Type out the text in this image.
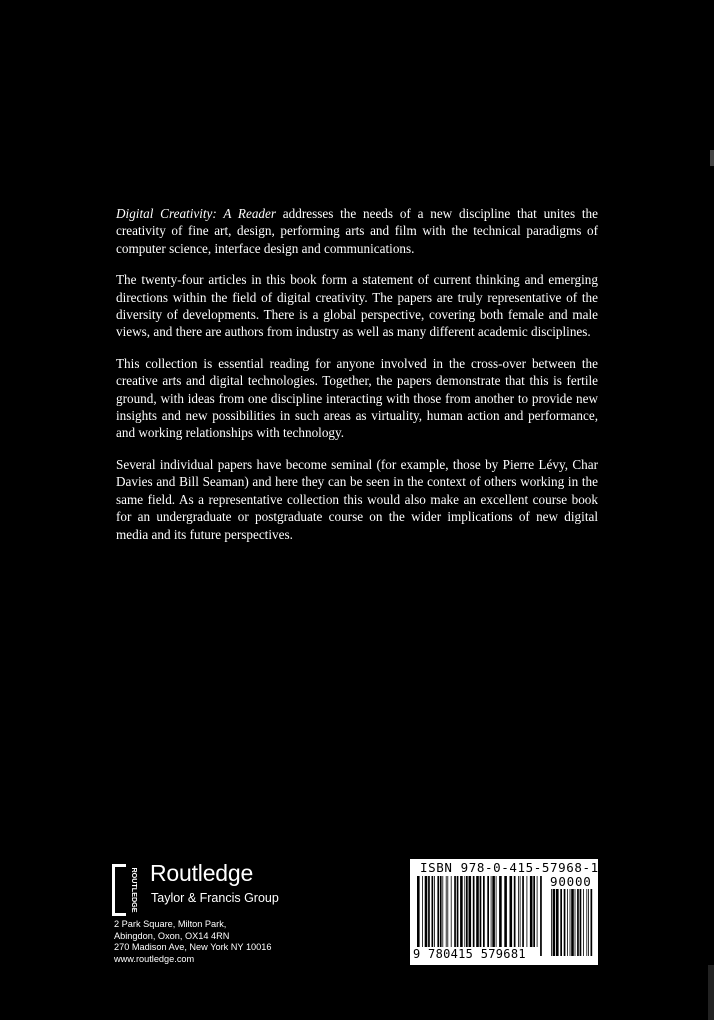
Digital Creativity: A Reader addresses the needs of a new discipline that unites the creativity of fine art, design, performing arts and film with the technical paradigms of computer science, interface design and communications.

The twenty-four articles in this book form a statement of current thinking and emerging directions within the field of digital creativity. The papers are truly representative of the diversity of developments. There is a global perspective, covering both female and male views, and there are authors from industry as well as many different academic disciplines.

This collection is essential reading for anyone involved in the cross-over between the creative arts and digital technologies. Together, the papers demonstrate that this is fertile ground, with ideas from one discipline interacting with those from another to provide new insights and new possibilities in such areas as virtuality, human action and performance, and working relationships with technology.

Several individual papers have become seminal (for example, those by Pierre Lévy, Char Davies and Bill Seaman) and here they can be seen in the context of others working in the same field. As a representative collection this would also make an excellent course book for an undergraduate or postgraduate course on the wider implications of new digital media and its future perspectives.

ROUTLEDGE Routledge
Taylor & Francis Group
2 Park Square, Milton Park,
Abingdon, Oxon, OX14 4RN
270 Madison Ave, New York NY 10016
www.routledge.com
ISBN 978-0-415-57968-1
90000
9 780415 579681
